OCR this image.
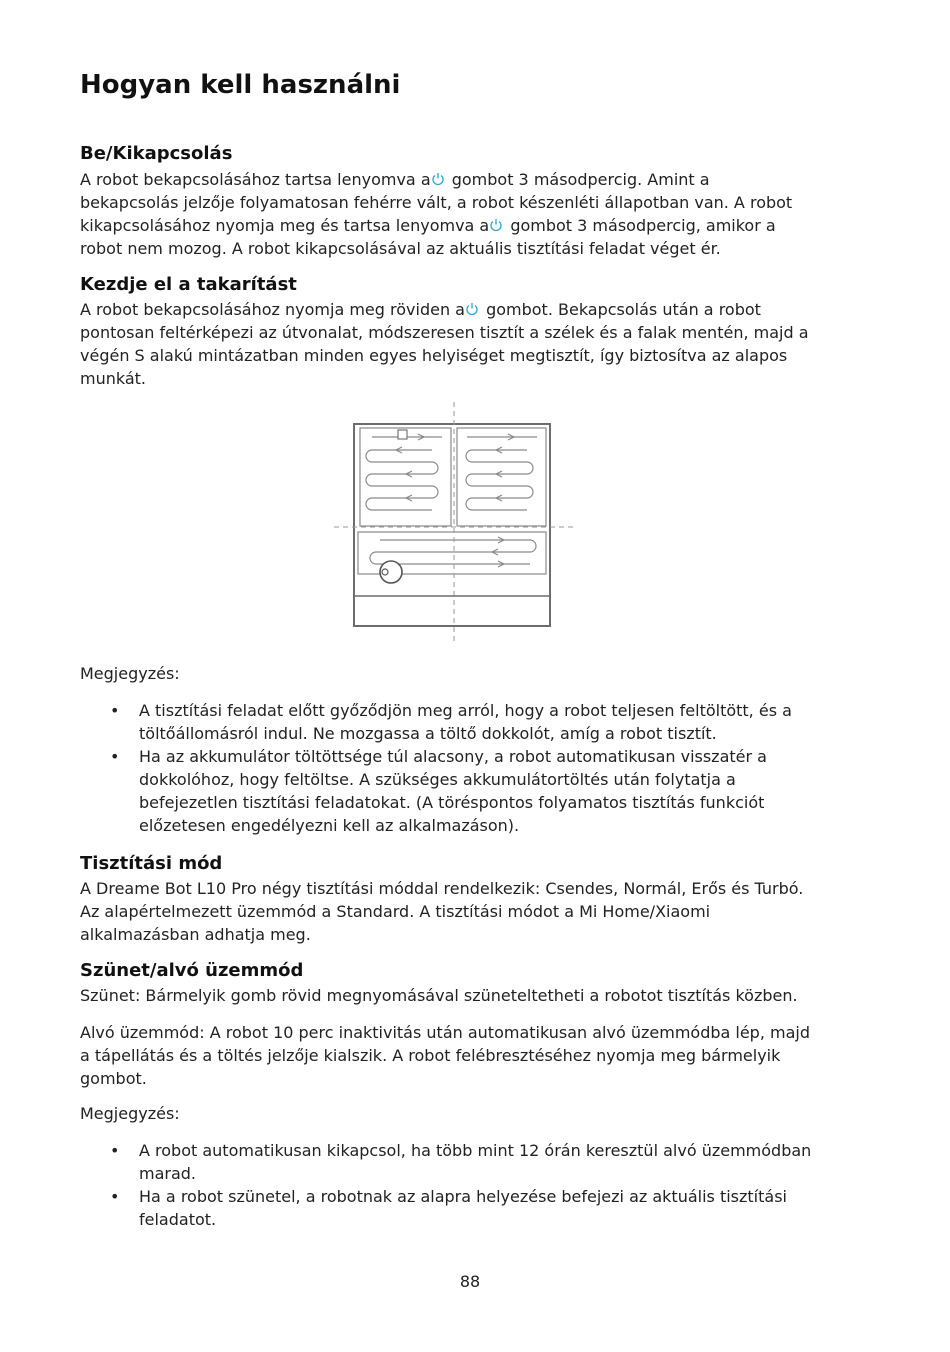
Hogyan kell használni
Be/Kikapcsolás

A robot bekapcsolásához tartsa lenyomva a gombot 3 másodpercig. Amint a
bekapcsolás jelzője folyamatosan fehérre vált, a robot készenléti állapotban van. A robot
kikapcsolásához nyomja meg és tartsa lenyomva a gombot 3 másodpercig, amikor a
robot nem mozog. A robot kikapcsolásával az aktuális tisztítási feladat véget ér.

Kezdje el a takarítást

A robot bekapcsolásához nyomja meg röviden a gombot. Bekapcsolás után a robot
pontosan feltérképezi az útvonalat, módszeresen tisztít a szélek és a falak mentén, majd a
végén S alakú mintázatban minden egyes helyiséget megtisztít, így biztosítva az alapos
munkát.

Megjegyzés:

• A tisztítási feladat előtt győződjön meg arról, hogy a robot teljesen feltöltött, és a
töltőállomásról indul. Ne mozgassa a töltő dokkolót, amíg a robot tisztít.
• Ha az akkumulátor töltöttsége túl alacsony, a robot automatikusan visszatér a
dokkolóhoz, hogy feltöltse. A szükséges akkumulátortöltés után folytatja a
befejezetlen tisztítási feladatokat. (A töréspontos folyamatos tisztítás funkciót
előzetesen engedélyezni kell az alkalmazáson).
Tisztítási mód

A Dreame Bot L10 Pro négy tisztítási móddal rendelkezik: Csendes, Normál, Erős és Turbó.
Az alapértelmezett üzemmód a Standard. A tisztítási módot a Mi Home/Xiaomi
alkalmazásban adhatja meg.

Szünet/alvó üzemmód

Szünet: Bármelyik gomb rövid megnyomásával szüneteltetheti a robotot tisztítás közben.

Alvó üzemmód: A robot 10 perc inaktivitás után automatikusan alvó üzemmódba lép, majd
a tápellátás és a töltés jelzője kialszik. A robot felébresztéséhez nyomja meg bármelyik
gombot.

Megjegyzés:

• A robot automatikusan kikapcsol, ha több mint 12 órán keresztül alvó üzemmódban
marad.
• Ha a robot szünetel, a robotnak az alapra helyezése befejezi az aktuális tisztítási
feladatot.
88
